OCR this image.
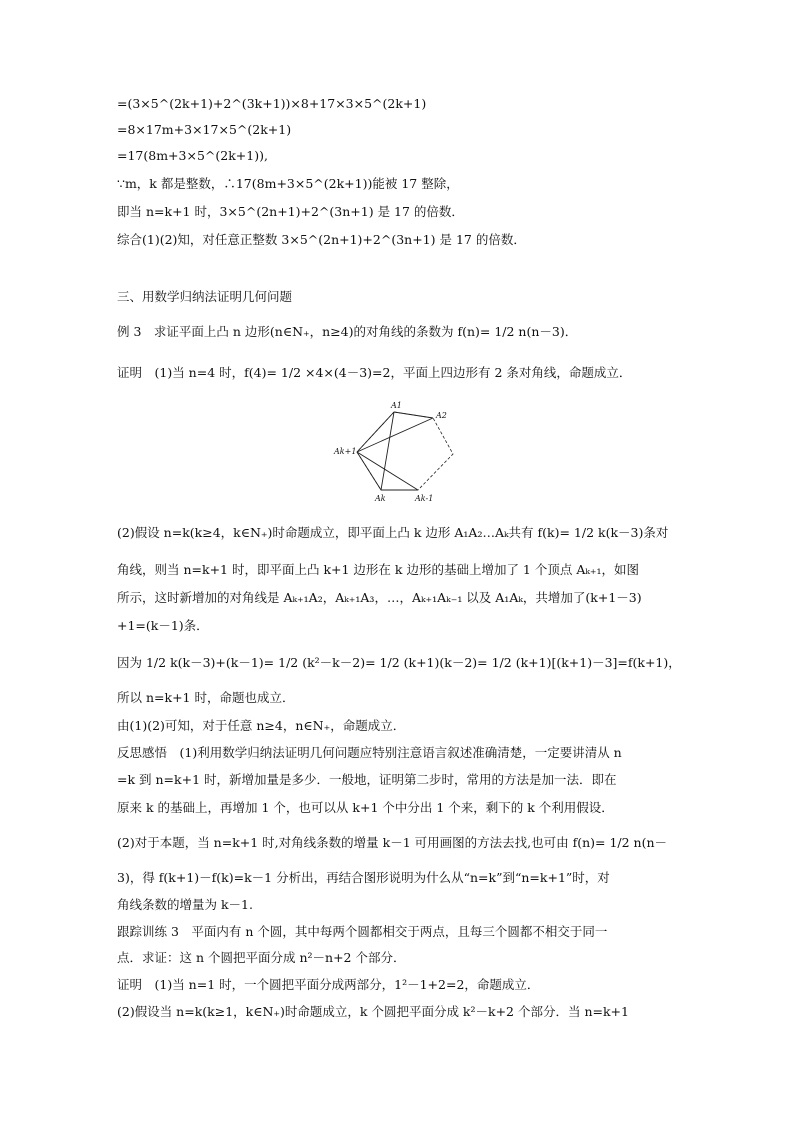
=(3×5^(2k+1)+2^(3k+1))×8+17×3×5^(2k+1)
=8×17m+3×17×5^(2k+1)
=17(8m+3×5^(2k+1)),
∵m，k 都是整数，∴17(8m+3×5^(2k+1))能被 17 整除，
即当 n=k+1 时，3×5^(2n+1)+2^(3n+1) 是 17 的倍数．
综合(1)(2)知，对任意正整数 3×5^(2n+1)+2^(3n+1) 是 17 的倍数．
三、用数学归纳法证明几何问题
例 3　求证平面上凸 n 边形(n∈N₊，n≥4)的对角线的条数为 f(n)= 1/2 n(n－3)．
证明　(1)当 n=4 时，f(4)= 1/2 ×4×(4－3)=2，平面上四边形有 2 条对角线，命题成立．
A1
A2
Ak+1
Ak	Ak-1
(2)假设 n=k(k≥4，k∈N₊)时命题成立，即平面上凸 k 边形 A₁A₂…Aₖ共有 f(k)= 1/2 k(k－3)条对
角线，则当 n=k+1 时，即平面上凸 k+1 边形在 k 边形的基础上增加了 1 个顶点 Aₖ₊₁，如图
所示，这时新增加的对角线是 Aₖ₊₁A₂，Aₖ₊₁A₃，…，Aₖ₊₁Aₖ₋₁ 以及 A₁Aₖ，共增加了(k+1－3)
+1=(k－1)条．
因为 1/2 k(k－3)+(k－1)= 1/2 (k²－k－2)= 1/2 (k+1)(k－2)= 1/2 (k+1)[(k+1)－3]=f(k+1)，
所以 n=k+1 时，命题也成立．
由(1)(2)可知，对于任意 n≥4，n∈N₊，命题成立．
反思感悟　(1)利用数学归纳法证明几何问题应特别注意语言叙述准确清楚，一定要讲清从 n
=k 到 n=k+1 时，新增加量是多少．一般地，证明第二步时，常用的方法是加一法．即在
原来 k 的基础上，再增加 1 个，也可以从 k+1 个中分出 1 个来，剩下的 k 个利用假设．
(2)对于本题，当 n=k+1 时,对角线条数的增量 k－1 可用画图的方法去找,也可由 f(n)= 1/2 n(n－
3)，得 f(k+1)－f(k)=k－1 分析出，再结合图形说明为什么从“n=k”到“n=k+1”时，对
角线条数的增量为 k－1.
跟踪训练 3　平面内有 n 个圆，其中每两个圆都相交于两点，且每三个圆都不相交于同一
点．求证：这 n 个圆把平面分成 n²－n+2 个部分．
证明　(1)当 n=1 时，一个圆把平面分成两部分，1²－1+2=2，命题成立．
(2)假设当 n=k(k≥1，k∈N₊)时命题成立，k 个圆把平面分成 k²－k+2 个部分．当 n=k+1
